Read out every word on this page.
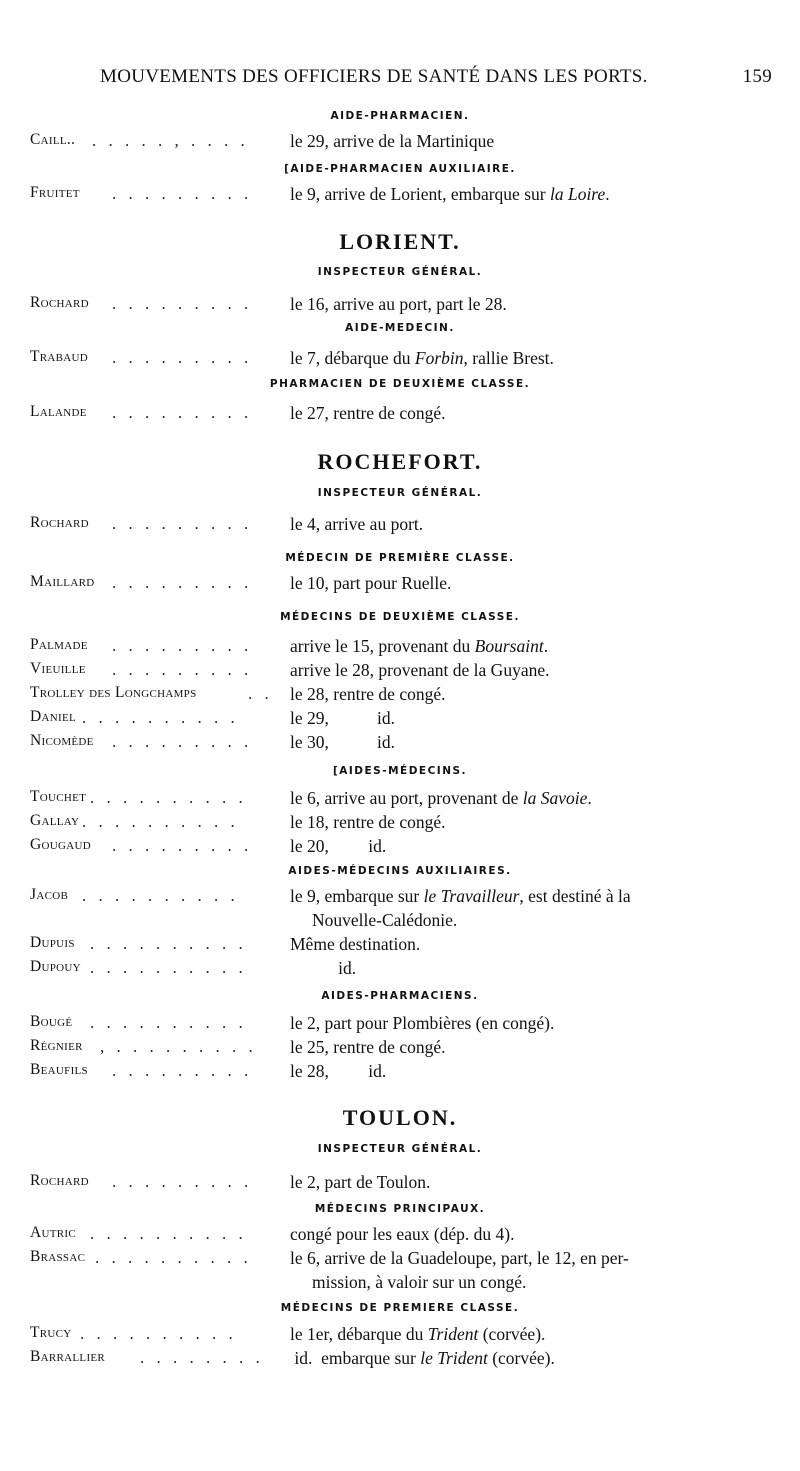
MOUVEMENTS DES OFFICIERS DE SANTÉ DANS LES PORTS.	159
AIDE-PHARMACIEN.
Caill.. . . . . . , . . . . le 29, arrive de la Martinique
[AIDE-PHARMACIEN AUXILIAIRE.
Fruitet . . . . . . . . . le 9, arrive de Lorient, embarque sur la Loire.
LORIENT.
INSPECTEUR GÉNÉRAL.
Rochard . . . . . . . . . le 16, arrive au port, part le 28.
AIDE-MEDECIN.
Trabaud . . . . . . . . . le 7, débarque du Forbin, rallie Brest.
PHARMACIEN DE DEUXIÈME CLASSE.
Lalande . . . . . . . . . le 27, rentre de congé.
ROCHEFORT.
INSPECTEUR GÉNÉRAL.
Rochard . . . . . . . . . le 4, arrive au port.
MÉDECIN DE PREMIÈRE CLASSE.
Maillard . . . . . . . . . le 10, part pour Ruelle.
MÉDECINS DE DEUXIÈME CLASSE.
Palmade . . . . . . . . . arrive le 15, provenant du Boursaint.
Vieuille . . . . . . . . . arrive le 28, provenant de la Guyane.
Trolley des Longchamps	. . le 28, rentre de congé.
Daniel . . . . . . . . . .	le 29,           id.
Nicomède . . . . . . . . . le 30,           id.
[AIDES-MÉDECINS.
Touchet . . . . . . . . . . le 6, arrive au port, provenant de la Savoie.
Gallay . . . . . . . . . .	le 18, rentre de congé.
Gougaud . . . . . . . . . le 20,         id.
AIDES-MÉDECINS AUXILIAIRES.
Jacob . . . . . . . . . .	le 9, embarque sur le Travailleur, est destiné à la
Nouvelle-Calédonie.
Dupuis . . . . . . . . . . Même destination.
Dupouy . . . . . . . . . . id.
AIDES-PHARMACIENS.
Bougé . . . . . . . . . . le 2, part pour Plombières (en congé).
Régnier , . . . . . . . . . le 25, rentre de congé.
Beaufils . . . . . . . . . le 28,         id.
TOULON.
INSPECTEUR GÉNÉRAL.
Rochard . . . . . . . . . le 2, part de Toulon.
MÉDECINS PRINCIPAUX.
Autric . . . . . . . . . . congé pour les eaux (dép. du 4).
Brassac . . . . . . . . . . le 6, arrive de la Guadeloupe, part, le 12, en per-
mission, à valoir sur un congé.
MÉDECINS DE PREMIERE CLASSE.
Trucy . . . . . . . . . .	le 1er, débarque du Trident (corvée).
Barrallier . . . . . . . . id.  embarque sur le Trident (corvée).
